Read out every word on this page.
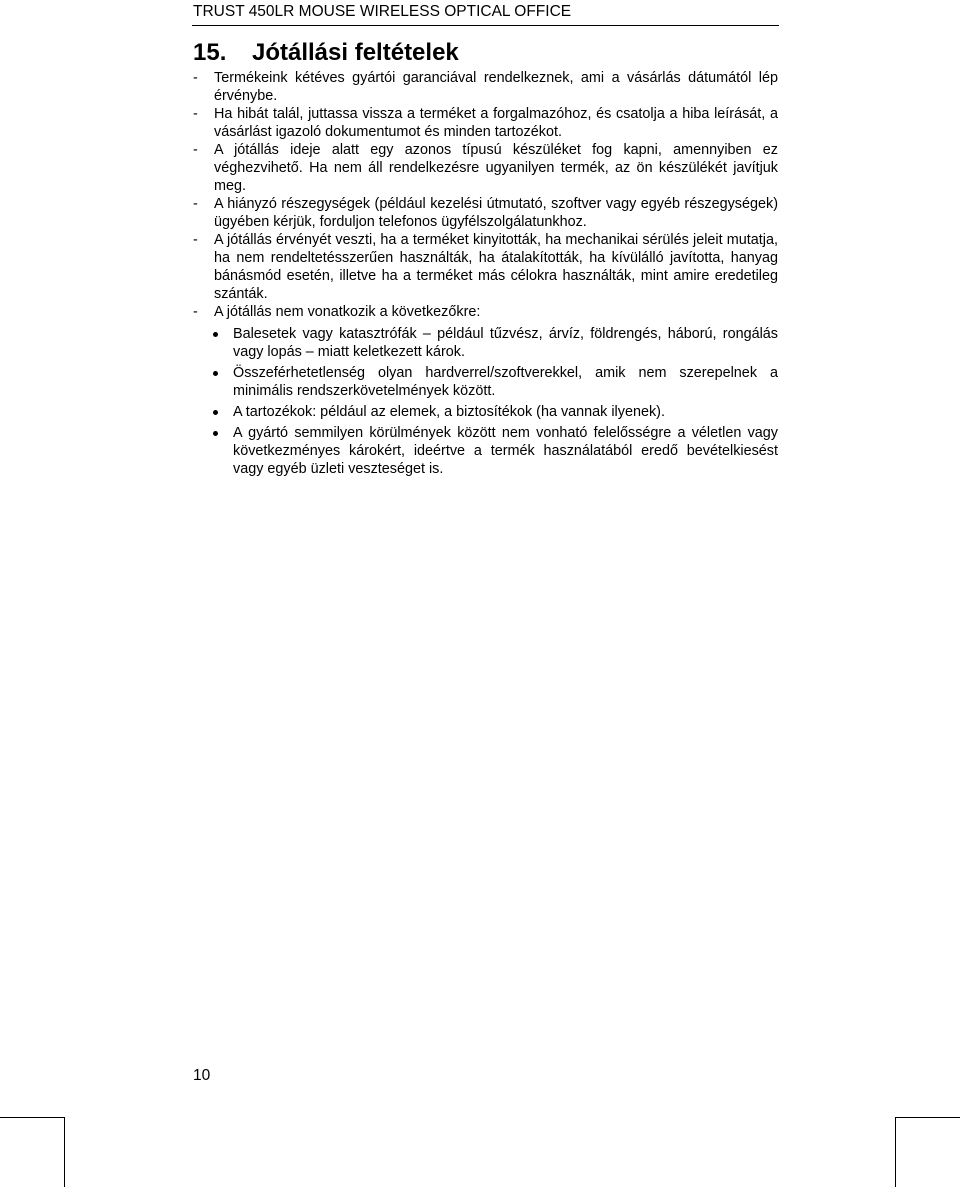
TRUST 450LR MOUSE WIRELESS OPTICAL OFFICE
15. Jótállási feltételek
- Termékeink kétéves gyártói garanciával rendelkeznek, ami a vásárlás dátumától lép érvénybe.
- Ha hibát talál, juttassa vissza a terméket a forgalmazóhoz, és csatolja a hiba leírását, a vásárlást igazoló dokumentumot és minden tartozékot.
- A jótállás ideje alatt egy azonos típusú készüléket fog kapni, amennyiben ez véghezvihető. Ha nem áll rendelkezésre ugyanilyen termék, az ön készülékét javítjuk meg.
- A hiányzó részegységek (például kezelési útmutató, szoftver vagy egyéb részegységek) ügyében kérjük, forduljon telefonos ügyfélszolgálatunkhoz.
- A jótállás érvényét veszti, ha a terméket kinyitották, ha mechanikai sérülés jeleit mutatja, ha nem rendeltetésszerűen használták, ha átalakították, ha kívülálló javította, hanyag bánásmód esetén, illetve ha a terméket más célokra használták, mint amire eredetileg szánták.
- A jótállás nem vonatkozik a következőkre:
Balesetek vagy katasztrófák – például tűzvész, árvíz, földrengés, háború, rongálás vagy lopás – miatt keletkezett károk.
Összeférhetetlenség olyan hardverrel/szoftverekkel, amik nem szerepelnek a minimális rendszerkövetelmények között.
A tartozékok: például az elemek, a biztosítékok (ha vannak ilyenek).
A gyártó semmilyen körülmények között nem vonható felelősségre a véletlen vagy következményes károkért, ideértve a termék használatából eredő bevételkiesést vagy egyéb üzleti veszteséget is.
10
